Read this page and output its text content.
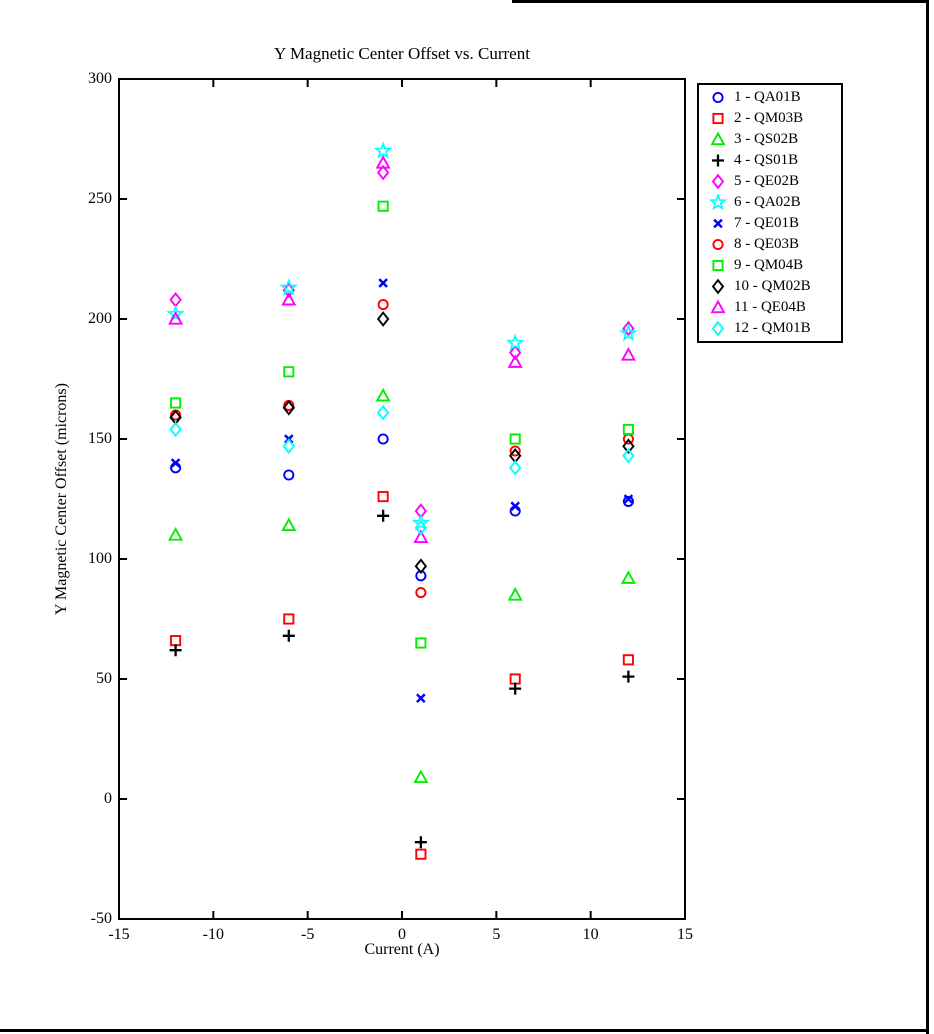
Y Magnetic Center Offset vs. Current
Current (A)
Y Magnetic Center Offset (microns)
1 - QA01B
2 - QM03B
3 - QS02B
4 - QS01B
5 - QE02B
6 - QA02B
7 - QE01B
8 - QE03B
9 - QM04B
10 - QM02B
11 - QE04B
12 - QM01B
-15	-10	-5	0	5	10	15
-50
0
50
100
150
200
250
300
